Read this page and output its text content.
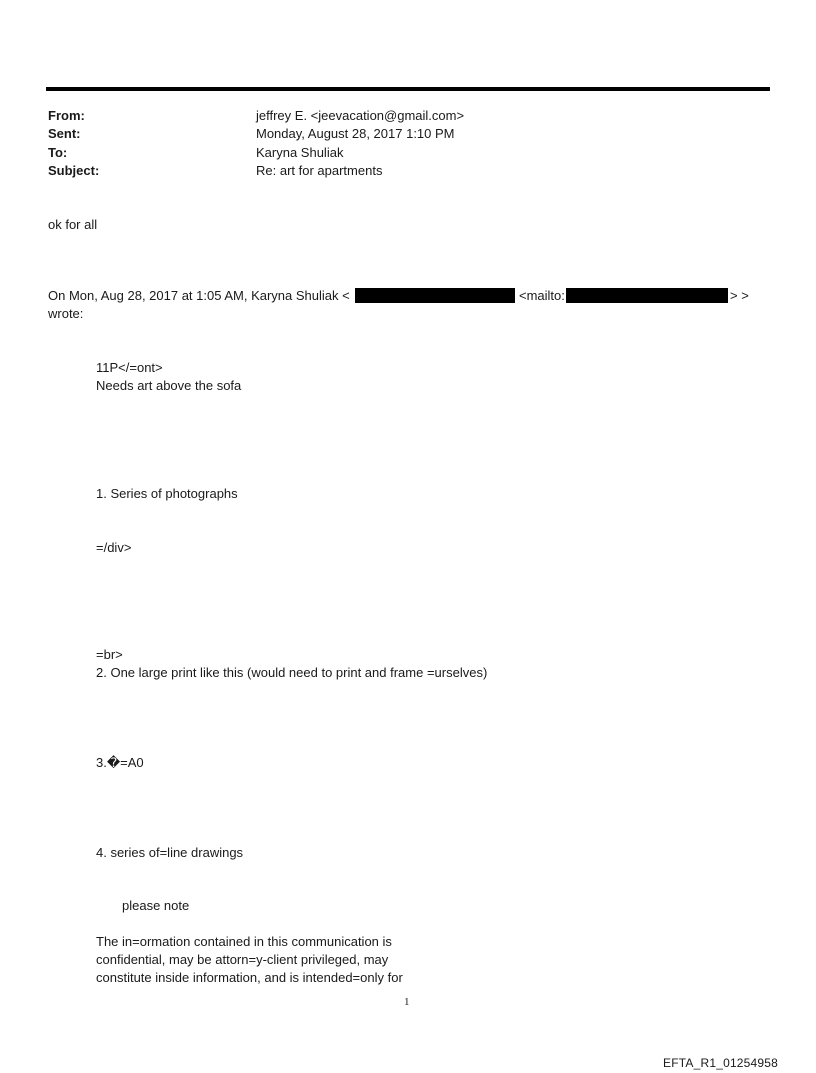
From:	jeffrey E. <jeevacation@gmail.com>
Sent:	Monday, August 28, 2017 1:10 PM
To:	Karyna Shuliak
Subject:	Re: art for apartments
ok for all
On Mon, Aug 28, 2017 at 1:05 AM, Karyna Shuliak <	<mailto:	> >
wrote:
11P</=ont>
Needs art above the sofa
1. Series of photographs
=/div>
=br>
2. One large print like this (would need to print and frame =urselves)
3.�=A0
4. series of=line drawings
please note
The in=ormation contained in this communication is
confidential, may be attorn=y-client privileged, may
constitute inside information, and is intended=only for
1
EFTA_R1_01254958
